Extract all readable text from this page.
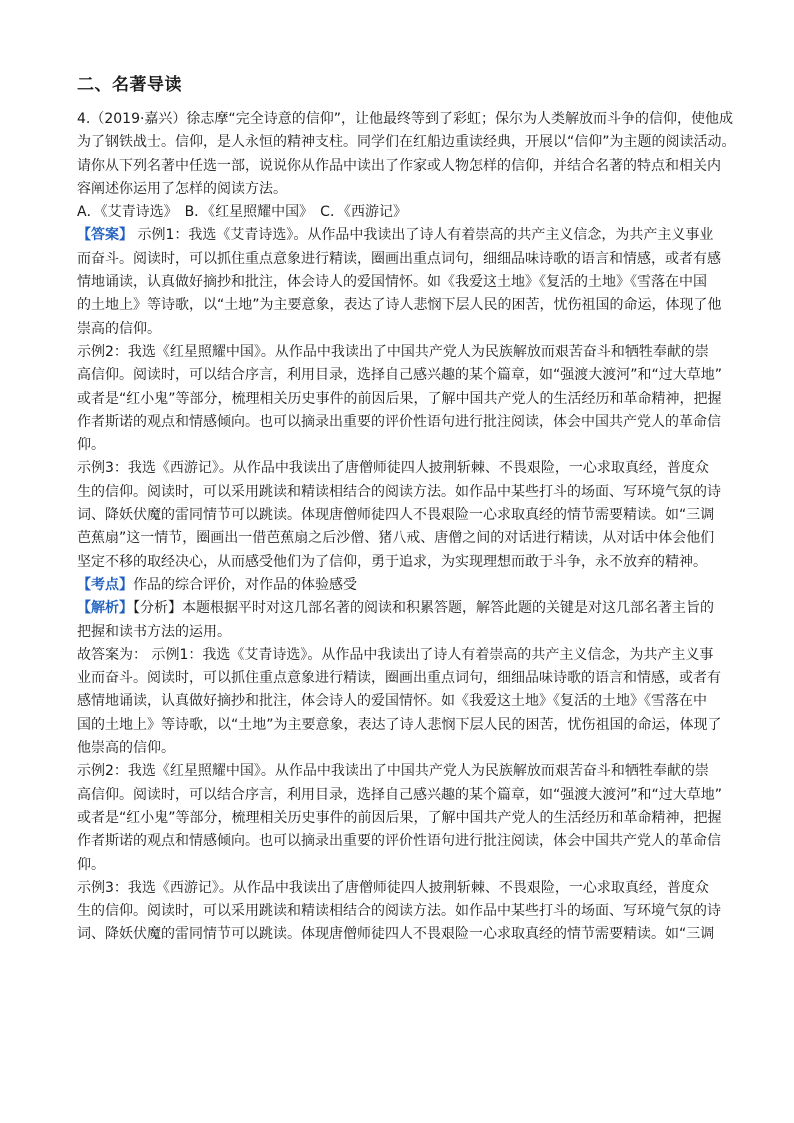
二、名著导读
4.（2019·嘉兴）徐志摩“完全诗意的信仰”，让他最终等到了彩虹；保尔为人类解放而斗争的信仰，使他成
为了钢铁战士。信仰，是人永恒的精神支柱。同学们在红船边重读经典，开展以“信仰”为主题的阅读活动。
请你从下列名著中任选一部，说说你从作品中读出了作家或人物怎样的信仰，并结合名著的特点和相关内
容阐述你运用了怎样的阅读方法。
A．《艾青诗选》　B．《红星照耀中国》　C．《西游记》
【答案】 示例1：我选《艾青诗选》。从作品中我读出了诗人有着崇高的共产主义信念，为共产主义事业
而奋斗。阅读时，可以抓住重点意象进行精读，圈画出重点词句，细细品味诗歌的语言和情感，或者有感
情地诵读，认真做好摘抄和批注，体会诗人的爱国情怀。如《我爱这土地》《复活的土地》《雪落在中国
的土地上》等诗歌，以“土地”为主要意象，表达了诗人悲悯下层人民的困苦，忧伤祖国的命运，体现了他
崇高的信仰。
示例2：我选《红星照耀中国》。从作品中我读出了中国共产党人为民族解放而艰苦奋斗和牺牲奉献的崇
高信仰。阅读时，可以结合序言，利用目录，选择自己感兴趣的某个篇章，如“强渡大渡河”和“过大草地”
或者是“红小鬼”等部分，梳理相关历史事件的前因后果，了解中国共产党人的生活经历和革命精神，把握
作者斯诺的观点和情感倾向。也可以摘录出重要的评价性语句进行批注阅读，体会中国共产党人的革命信
仰。
示例3：我选《西游记》。从作品中我读出了唐僧师徒四人披荆斩棘、不畏艰险，一心求取真经，普度众
生的信仰。阅读时，可以采用跳读和精读相结合的阅读方法。如作品中某些打斗的场面、写环境气氛的诗
词、降妖伏魔的雷同情节可以跳读。体现唐僧师徒四人不畏艰险一心求取真经的情节需要精读。如“三调
芭蕉扇”这一情节，圈画出一借芭蕉扇之后沙僧、猪八戒、唐僧之间的对话进行精读，从对话中体会他们
坚定不移的取经决心，从而感受他们为了信仰，勇于追求，为实现理想而敢于斗争，永不放弃的精神。
【考点】作品的综合评价，对作品的体验感受
【解析】【分析】本题根据平时对这几部名著的阅读和积累答题，解答此题的关键是对这几部名著主旨的
把握和读书方法的运用。
故答案为： 示例1：我选《艾青诗选》。从作品中我读出了诗人有着崇高的共产主义信念，为共产主义事
业而奋斗。阅读时，可以抓住重点意象进行精读，圈画出重点词句，细细品味诗歌的语言和情感，或者有
感情地诵读，认真做好摘抄和批注，体会诗人的爱国情怀。如《我爱这土地》《复活的土地》《雪落在中
国的土地上》等诗歌，以“土地”为主要意象，表达了诗人悲悯下层人民的困苦，忧伤祖国的命运，体现了
他崇高的信仰。
示例2：我选《红星照耀中国》。从作品中我读出了中国共产党人为民族解放而艰苦奋斗和牺牲奉献的崇
高信仰。阅读时，可以结合序言，利用目录，选择自己感兴趣的某个篇章，如“强渡大渡河”和“过大草地”
或者是“红小鬼”等部分，梳理相关历史事件的前因后果，了解中国共产党人的生活经历和革命精神，把握
作者斯诺的观点和情感倾向。也可以摘录出重要的评价性语句进行批注阅读，体会中国共产党人的革命信
仰。
示例3：我选《西游记》。从作品中我读出了唐僧师徒四人披荆斩棘、不畏艰险，一心求取真经，普度众
生的信仰。阅读时，可以采用跳读和精读相结合的阅读方法。如作品中某些打斗的场面、写环境气氛的诗
词、降妖伏魔的雷同情节可以跳读。体现唐僧师徒四人不畏艰险一心求取真经的情节需要精读。如“三调
